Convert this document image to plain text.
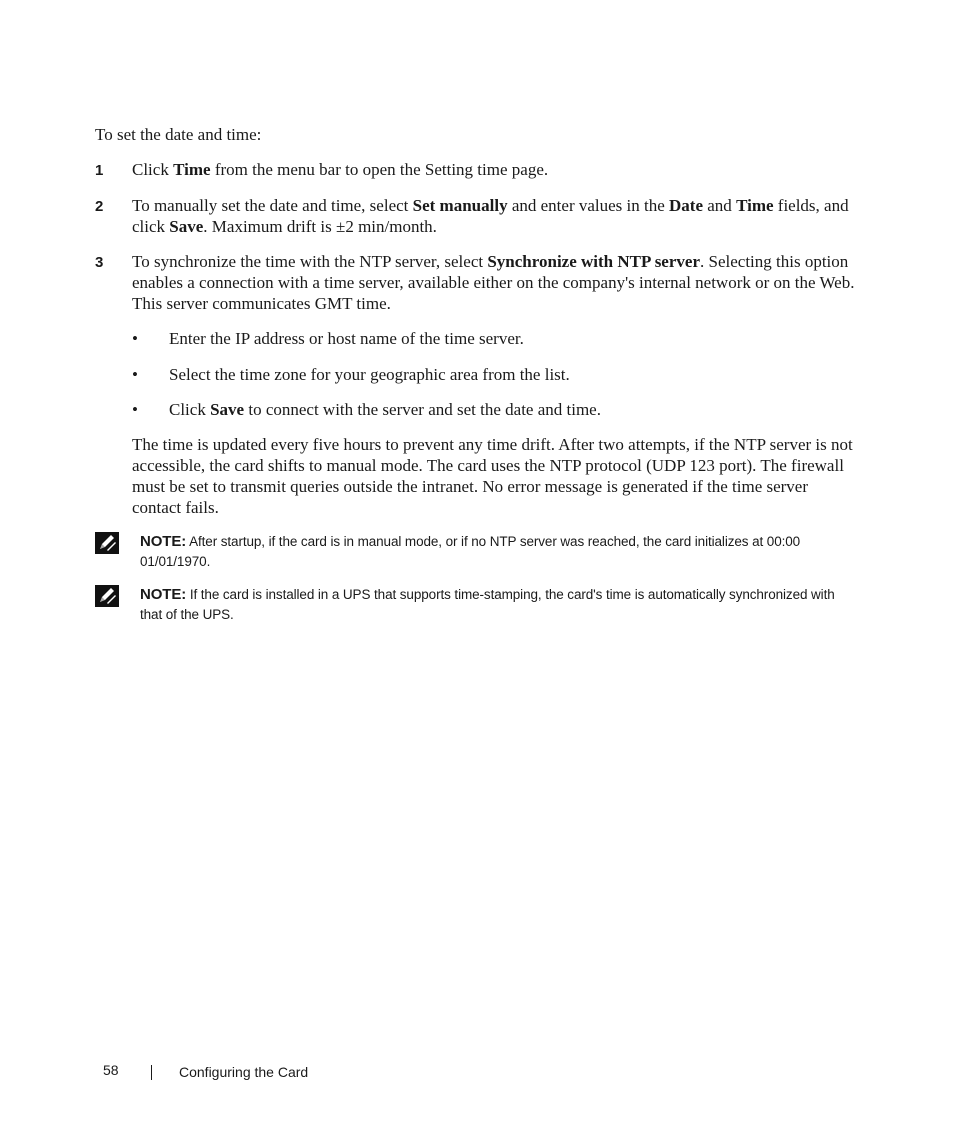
To set the date and time:
1 Click Time from the menu bar to open the Setting time page.
2 To manually set the date and time, select Set manually and enter values in the Date and Time fields, and click Save. Maximum drift is ±2 min/month.
3 To synchronize the time with the NTP server, select Synchronize with NTP server. Selecting this option enables a connection with a time server, available either on the company's internal network or on the Web. This server communicates GMT time.
• Enter the IP address or host name of the time server.
• Select the time zone for your geographic area from the list.
• Click Save to connect with the server and set the date and time.
The time is updated every five hours to prevent any time drift. After two attempts, if the NTP server is not accessible, the card shifts to manual mode. The card uses the NTP protocol (UDP 123 port). The firewall must be set to transmit queries outside the intranet. No error message is generated if the time server contact fails.
NOTE: After startup, if the card is in manual mode, or if no NTP server was reached, the card initializes at 00:00 01/01/1970.
NOTE: If the card is installed in a UPS that supports time-stamping, the card's time is automatically synchronized with that of the UPS.
58	Configuring the Card
